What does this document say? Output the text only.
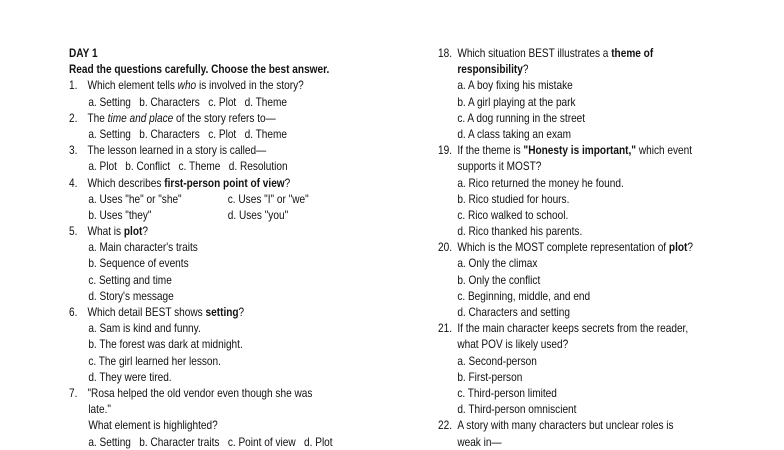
DAY 1
Read the questions carefully. Choose the best answer.
1. Which element tells who is involved in the story?
a. Setting   b. Characters   c. Plot   d. Theme
2. The time and place of the story refers to—
a. Setting   b. Characters   c. Plot   d. Theme
3. The lesson learned in a story is called—
a. Plot   b. Conflict   c. Theme   d. Resolution
4. Which describes first-person point of view?
a. Uses "he" or "she"	c. Uses "I" or "we"
b. Uses "they"	d. Uses "you"
5. What is plot?
a. Main character's traits
b. Sequence of events
c. Setting and time
d. Story's message
6. Which detail BEST shows setting?
a. Sam is kind and funny.
b. The forest was dark at midnight.
c. The girl learned her lesson.
d. They were tired.
7. "Rosa helped the old vendor even though she was
late."
What element is highlighted?
a. Setting   b. Character traits   c. Point of view   d. Plot
18. Which situation BEST illustrates a theme of
responsibility?
a. A boy fixing his mistake
b. A girl playing at the park
c. A dog running in the street
d. A class taking an exam
19. If the theme is "Honesty is important," which event
supports it MOST?
a. Rico returned the money he found.
b. Rico studied for hours.
c. Rico walked to school.
d. Rico thanked his parents.
20. Which is the MOST complete representation of plot?
a. Only the climax
b. Only the conflict
c. Beginning, middle, and end
d. Characters and setting
21. If the main character keeps secrets from the reader,
what POV is likely used?
a. Second-person
b. First-person
c. Third-person limited
d. Third-person omniscient
22. A story with many characters but unclear roles is
weak in—
